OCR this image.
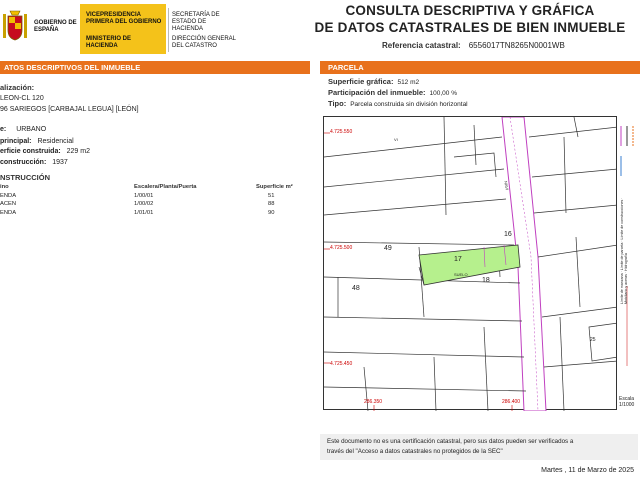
GOBIERNO DE ESPAÑA
VICEPRESIDENCIA PRIMERA DEL GOBIERNO
MINISTERIO DE HACIENDA
SECRETARÍA DE ESTADO DE HACIENDA
DIRECCIÓN GENERAL DEL CATASTRO
CONSULTA DESCRIPTIVA Y GRÁFICA
DE DATOS CATASTRALES DE BIEN INMUEBLE
Referencia catastral: 6556017TN8265N0001WB
ATOS DESCRIPTIVOS DEL INMUEBLE	PARCELA
alización:
LEON-CL 120
96 SARIEGOS [CARBAJAL LEGUA] [LEÓN]
e: URBANO
principal: Residencial
erficie construida: 229 m2
construcción: 1937
NSTRUCCIÓN
ino	Escalera/Planta/Puerta	Superficie m²
ENDA	1/00/01	51
ACEN	1/00/02	88
ENDA	1/01/01	90
Superficie gráfica: 512 m2
Participación del inmueble: 100,00 %
Tipo: Parcela construida sin división horizontal
4.725.550
4.725.500
4.725.450
286.350	286.400
17
SUELO
49
16
18
48
25
NAVI
VI
Límite de manzana · Límite de parcela · Límite de construcciones · Mobiliario y aceras · Hidrografía
Escala
1/1000

Este documento no es una certificación catastral, pero sus datos pueden ser verificados a

través del "Acceso a datos catastrales no protegidos de la SEC"

Martes , 11 de Marzo de 2025
